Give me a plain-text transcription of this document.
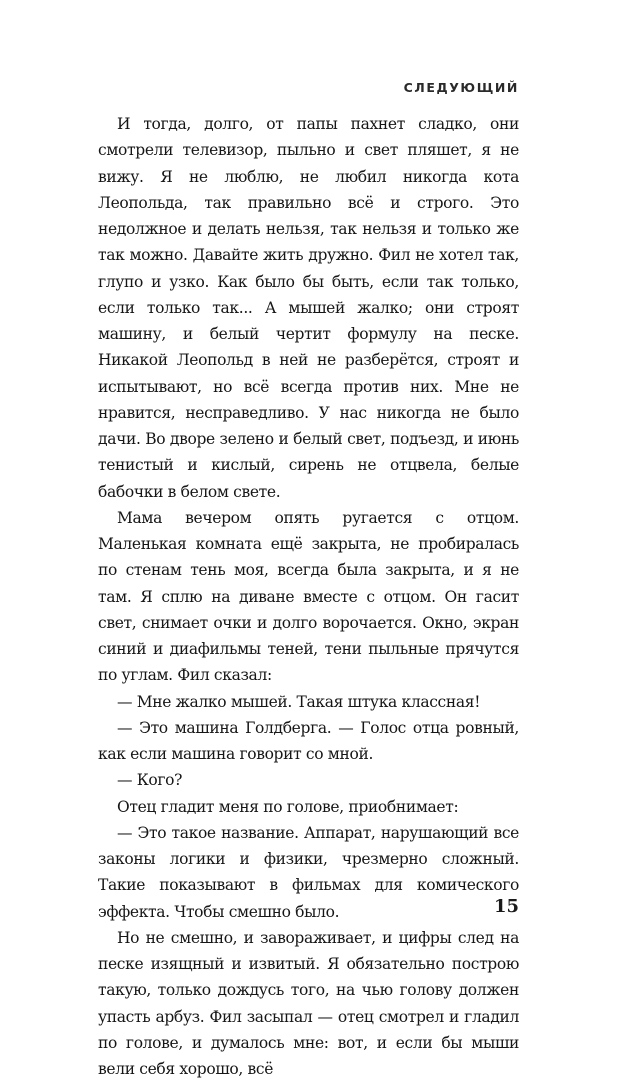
СЛЕДУЮЩИЙ

И тогда, долго, от папы пахнет сладко, они смотрели телевизор, пыльно и свет пляшет, я не вижу. Я не люблю, не любил никогда кота Леопольда, так правильно всё и строго. Это недолжное и делать нельзя, так нельзя и только же так можно. Давайте жить дружно. Фил не хотел так, глупо и узко. Как было бы быть, если так только, если только так... А мышей жалко; они строят машину, и белый чертит формулу на песке. Никакой Леопольд в ней не разберётся, строят и испытывают, но всё всегда против них. Мне не нравится, несправедливо. У нас никогда не было дачи. Во дворе зелено и белый свет, подъезд, и июнь тенистый и кислый, сирень не отцвела, белые бабочки в белом свете.

Мама вечером опять ругается с отцом. Маленькая комната ещё закрыта, не пробиралась по стенам тень моя, всегда была закрыта, и я не там. Я сплю на диване вместе с отцом. Он гасит свет, снимает очки и долго ворочается. Окно, экран синий и диафильмы теней, тени пыльные прячутся по углам. Фил сказал:

— Мне жалко мышей. Такая штука классная!

— Это машина Голдберга. — Голос отца ровный, как если машина говорит со мной.

— Кого?

Отец гладит меня по голове, приобнимает:

— Это такое название. Аппарат, нарушающий все законы логики и физики, чрезмерно сложный. Такие показывают в фильмах для комического эффекта. Чтобы смешно было.

Но не смешно, и завораживает, и цифры след на песке изящный и извитый. Я обязательно построю такую, только дождусь того, на чью голову должен упасть арбуз. Фил засыпал — отец смотрел и гладил по голове, и думалось мне: вот, и если бы мыши вели себя хорошо, всё

15
